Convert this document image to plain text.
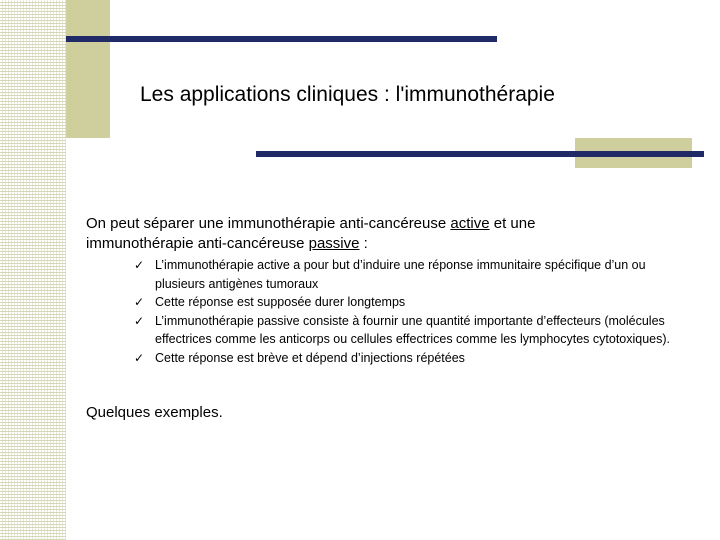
Les applications cliniques : l'immunothérapie
On peut séparer une immunothérapie anti-cancéreuse active et une immunothérapie anti-cancéreuse passive :
✓ L’immunothérapie active a pour but d’induire une réponse immunitaire spécifique d’un ou plusieurs antigènes tumoraux
✓ Cette réponse est supposée durer longtemps
✓ L’immunothérapie passive consiste à fournir une quantité importante d’effecteurs (molécules effectrices comme les anticorps ou cellules effectrices comme les lymphocytes cytotoxiques).
✓ Cette réponse est brève et dépend d’injections répétées
Quelques exemples.
